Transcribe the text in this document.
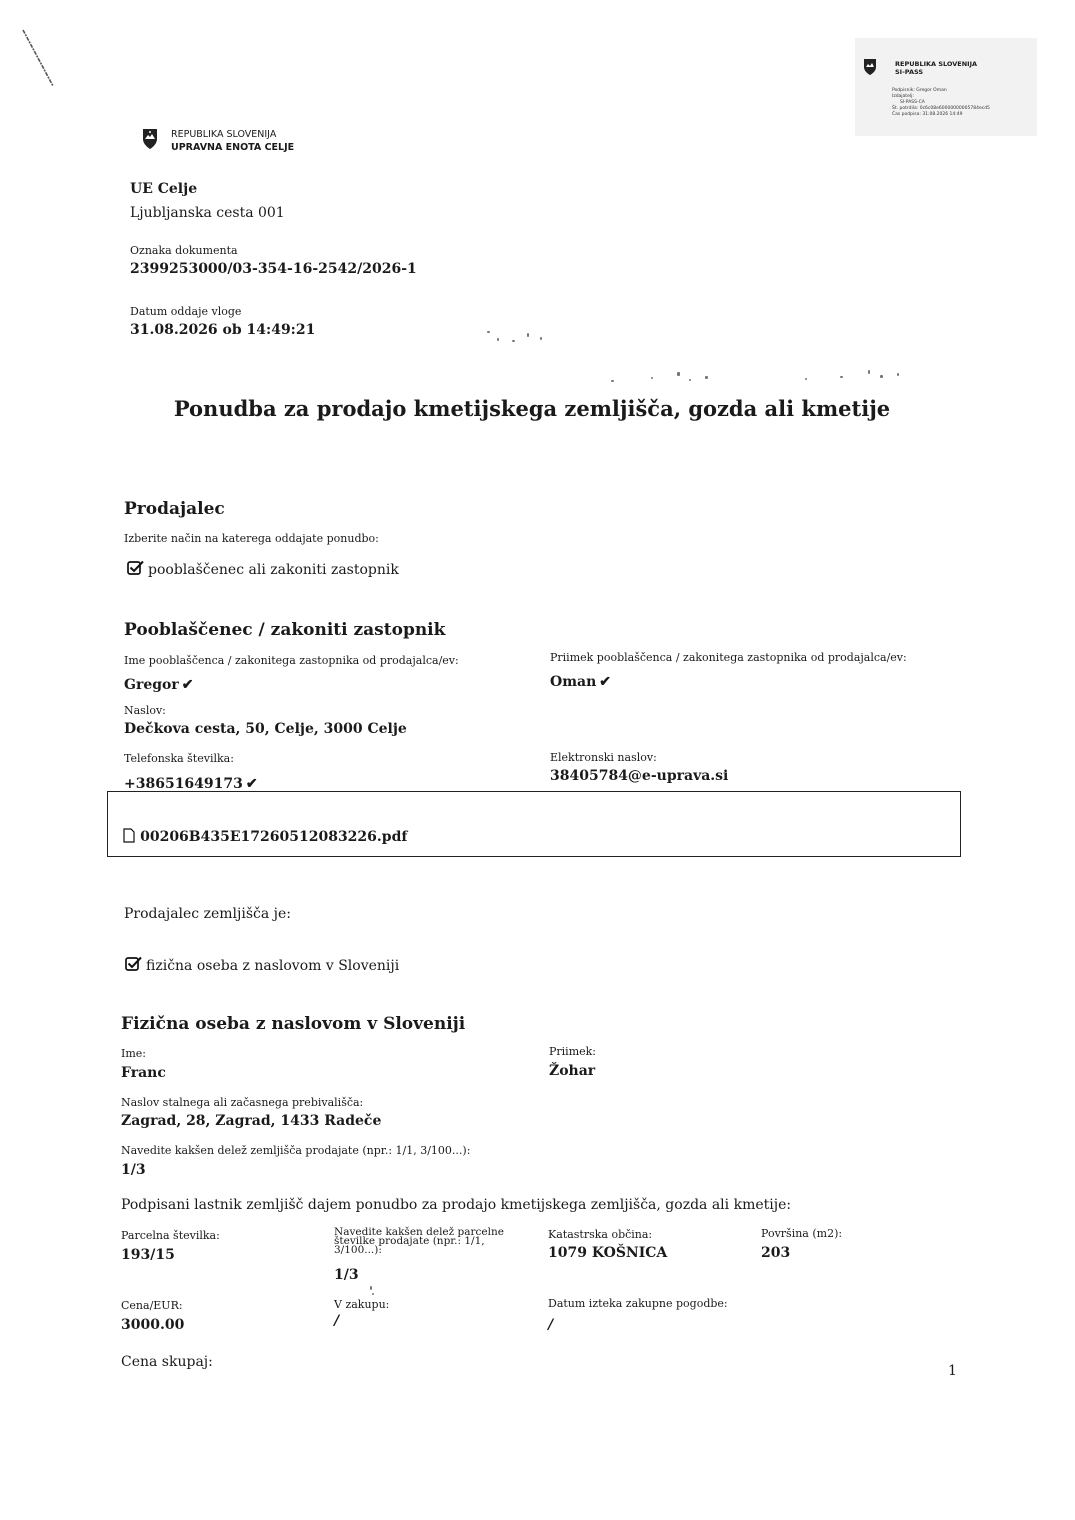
REPUBLIKA SLOVENIJA
SI-PASS
Podpisnik: Gregor Oman
Izdajatelj:
SI-PASS-CA
Št. potrdila: 0c6c08e60000000005784ecd5
Čas podpisa: 31.08.2026 14:49
REPUBLIKA SLOVENIJA
UPRAVNA ENOTA CELJE
UE Celje
Ljubljanska cesta 001
Oznaka dokumenta
2399253000/03-354-16-2542/2026-1
Datum oddaje vloge
31.08.2026 ob 14:49:21
Ponudba za prodajo kmetijskega zemljišča, gozda ali kmetije
Prodajalec
Izberite način na katerega oddajate ponudbo:
pooblaščenec ali zakoniti zastopnik
Pooblaščenec / zakoniti zastopnik
Ime pooblaščenca / zakonitega zastopnika od prodajalca/ev:
Gregor ✔
Priimek pooblaščenca / zakonitega zastopnika od prodajalca/ev:
Oman ✔
Naslov:
Dečkova cesta, 50, Celje, 3000 Celje
Telefonska številka:
+38651649173 ✔
Elektronski naslov:
38405784@e-uprava.si
00206B435E17260512083226.pdf
Prodajalec zemljišča je:
fizična oseba z naslovom v Sloveniji
Fizična oseba z naslovom v Sloveniji
Ime:
Franc
Priimek:
Žohar
Naslov stalnega ali začasnega prebivališča:
Zagrad, 28, Zagrad, 1433 Radeče
Navedite kakšen delež zemljišča prodajate (npr.: 1/1, 3/100...):
1/3
Podpisani lastnik zemljišč dajem ponudbo za prodajo kmetijskega zemljišča, gozda ali kmetije:
Parcelna številka:
193/15
Navedite kakšen delež parcelne
številke prodajate (npr.: 1/1,
3/100...):
1/3
Katastrska občina:
1079 KOŠNICA
Površina (m2):
203
Cena/EUR:
3000.00
V zakupu:
/
Datum izteka zakupne pogodbe:
/
Cena skupaj:
1
